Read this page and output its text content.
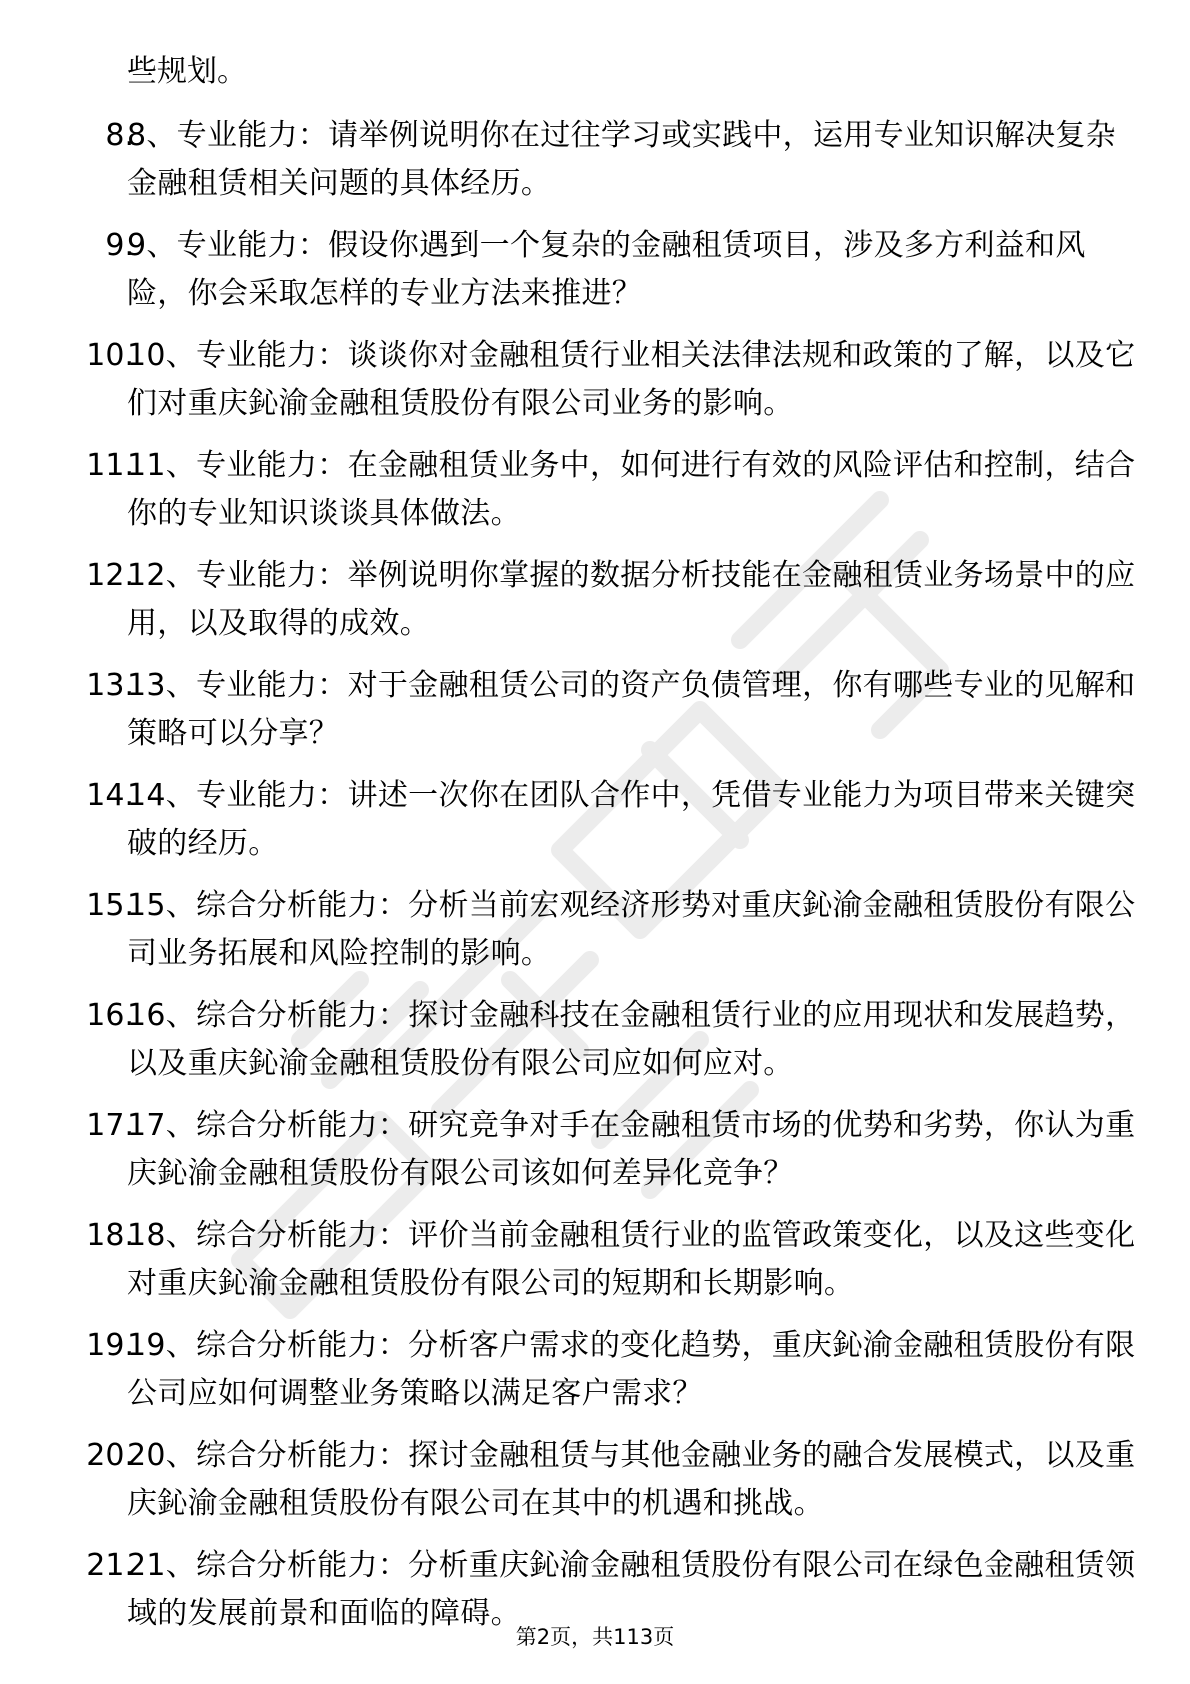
些规划。

8.
8、专业能力：请举例说明你在过往学习或实践中，运用专业知识解决复杂金融租赁相关问题的具体经历。
9.
9、专业能力：假设你遇到一个复杂的金融租赁项目，涉及多方利益和风险，你会采取怎样的专业方法来推进？
10.
10、专业能力：谈谈你对金融租赁行业相关法律法规和政策的了解，以及它们对重庆鈊渝金融租赁股份有限公司业务的影响。
11.
11、专业能力：在金融租赁业务中，如何进行有效的风险评估和控制，结合你的专业知识谈谈具体做法。
12.
12、专业能力：举例说明你掌握的数据分析技能在金融租赁业务场景中的应用，以及取得的成效。
13.
13、专业能力：对于金融租赁公司的资产负债管理，你有哪些专业的见解和策略可以分享？
14.
14、专业能力：讲述一次你在团队合作中，凭借专业能力为项目带来关键突破的经历。
15.
15、综合分析能力：分析当前宏观经济形势对重庆鈊渝金融租赁股份有限公司业务拓展和风险控制的影响。
16.
16、综合分析能力：探讨金融科技在金融租赁行业的应用现状和发展趋势，以及重庆鈊渝金融租赁股份有限公司应如何应对。
17.
17、综合分析能力：研究竞争对手在金融租赁市场的优势和劣势，你认为重庆鈊渝金融租赁股份有限公司该如何差异化竞争？
18.
18、综合分析能力：评价当前金融租赁行业的监管政策变化，以及这些变化对重庆鈊渝金融租赁股份有限公司的短期和长期影响。
19.
19、综合分析能力：分析客户需求的变化趋势，重庆鈊渝金融租赁股份有限公司应如何调整业务策略以满足客户需求？
20.
20、综合分析能力：探讨金融租赁与其他金融业务的融合发展模式，以及重庆鈊渝金融租赁股份有限公司在其中的机遇和挑战。
21.
21、综合分析能力：分析重庆鈊渝金融租赁股份有限公司在绿色金融租赁领域的发展前景和面临的障碍。
第2页，共113页
